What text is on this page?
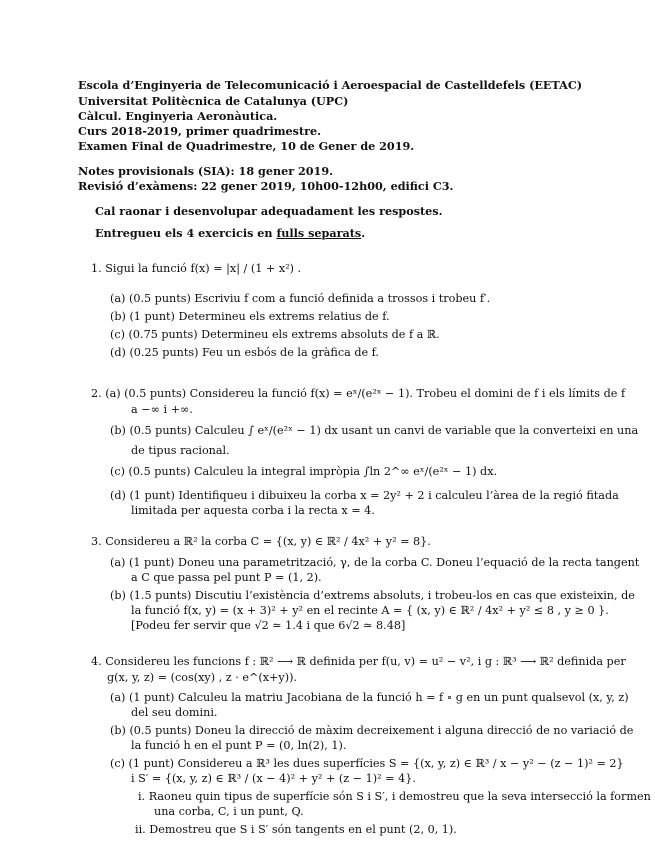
Escola d’Enginyeria de Telecomunicació i Aeroespacial de Castelldefels (EETAC)
Universitat Politècnica de Catalunya (UPC)
Càlcul. Enginyeria Aeronàutica.
Curs 2018-2019, primer quadrimestre.
Examen Final de Quadrimestre, 10 de Gener de 2019.
Notes provisionals (SIA): 18 gener 2019.
Revisió d’exàmens: 22 gener 2019, 10h00-12h00, edifici C3.
Cal raonar i desenvolupar adequadament les respostes.
Entregueu els 4 exercicis en fulls separats.
1. Sigui la funció f(x) = |x| / (1 + x²) .
(a) (0.5 punts) Escriviu f com a funció definida a trossos i trobeu f′.
(b) (1 punt) Determineu els extrems relatius de f.
(c) (0.75 punts) Determineu els extrems absoluts de f a ℝ.
(d) (0.25 punts) Feu un esbós de la gràfica de f.
2. (a) (0.5 punts) Considereu la funció f(x) = eˣ/(e²ˣ − 1). Trobeu el domini de f i els límits de f
a −∞ i +∞.
(b) (0.5 punts) Calculeu ∫ eˣ/(e²ˣ − 1) dx usant un canvi de variable que la converteixi en una
de tipus racional.
(c) (0.5 punts) Calculeu la integral impròpia ∫ln 2^∞ eˣ/(e²ˣ − 1) dx.
(d) (1 punt) Identifiqueu i dibuixeu la corba x = 2y² + 2 i calculeu l’àrea de la regió fitada
limitada per aquesta corba i la recta x = 4.
3. Considereu a ℝ² la corba C = {(x, y) ∈ ℝ² / 4x² + y² = 8}.
(a) (1 punt) Doneu una parametrització, γ, de la corba C. Doneu l’equació de la recta tangent
a C que passa pel punt P = (1, 2).
(b) (1.5 punts) Discutiu l’existència d’extrems absoluts, i trobeu-los en cas que existeixin, de
la funció f(x, y) = (x + 3)² + y² en el recinte A = { (x, y) ∈ ℝ² / 4x² + y² ≤ 8 , y ≥ 0 }.
[Podeu fer servir que √2 ≃ 1.4 i que 6√2 ≃ 8.48]
4. Considereu les funcions f : ℝ² ⟶ ℝ definida per f(u, v) = u² − v², i g : ℝ³ ⟶ ℝ² definida per
g(x, y, z) = (cos(xy) , z · e^(x+y)).
(a) (1 punt) Calculeu la matriu Jacobiana de la funció h = f ∘ g en un punt qualsevol (x, y, z)
del seu domini.
(b) (0.5 punts) Doneu la direcció de màxim decreixement i alguna direcció de no variació de
la funció h en el punt P = (0, ln(2), 1).
(c) (1 punt) Considereu a ℝ³ les dues superfícies S = {(x, y, z) ∈ ℝ³ / x − y² − (z − 1)² = 2}
i S′ = {(x, y, z) ∈ ℝ³ / (x − 4)² + y² + (z − 1)² = 4}.
i. Raoneu quin tipus de superfície són S i S′, i demostreu que la seva intersecció la formen
una corba, C, i un punt, Q.
ii. Demostreu que S i S′ són tangents en el punt (2, 0, 1).
